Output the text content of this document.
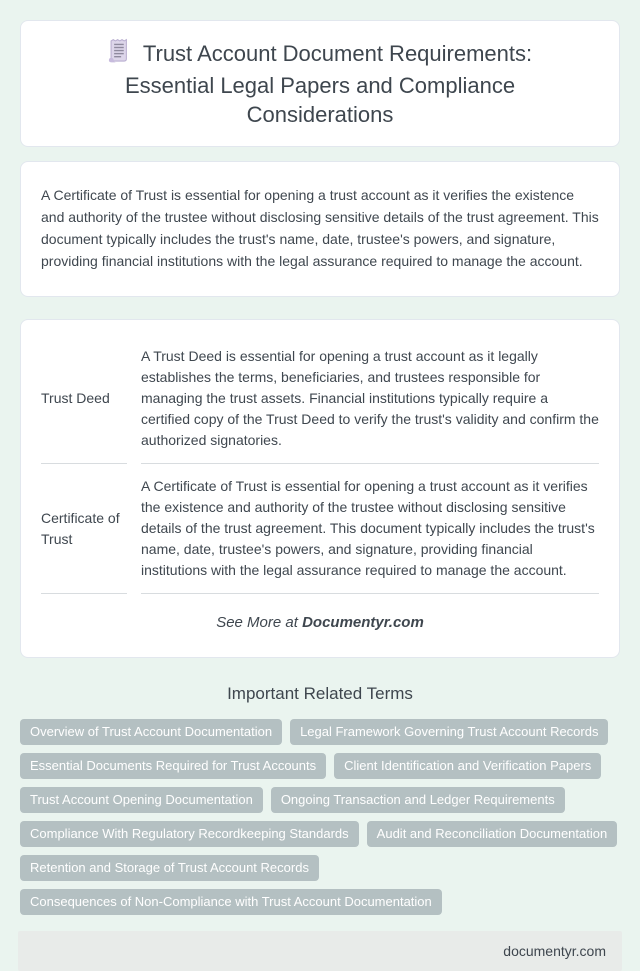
Trust Account Document Requirements: Essential Legal Papers and Compliance Considerations

A Certificate of Trust is essential for opening a trust account as it verifies the existence and authority of the trustee without disclosing sensitive details of the trust agreement. This document typically includes the trust's name, date, trustee's powers, and signature, providing financial institutions with the legal assurance required to manage the account.

Trust Deed	A Trust Deed is essential for opening a trust account as it legally establishes the terms, beneficiaries, and trustees responsible for managing the trust assets. Financial institutions typically require a certified copy of the Trust Deed to verify the trust's validity and confirm the authorized signatories.
Certificate of Trust	A Certificate of Trust is essential for opening a trust account as it verifies the existence and authority of the trustee without disclosing sensitive details of the trust agreement. This document typically includes the trust's name, date, trustee's powers, and signature, providing financial institutions with the legal assurance required to manage the account.

See More at Documentyr.com

Important Related Terms
Overview of Trust Account Documentation	Legal Framework Governing Trust Account Records
Essential Documents Required for Trust Accounts	Client Identification and Verification Papers
Trust Account Opening Documentation	Ongoing Transaction and Ledger Requirements
Compliance With Regulatory Recordkeeping Standards	Audit and Reconciliation Documentation
Retention and Storage of Trust Account Records
Consequences of Non-Compliance with Trust Account Documentation
documentyr.com
